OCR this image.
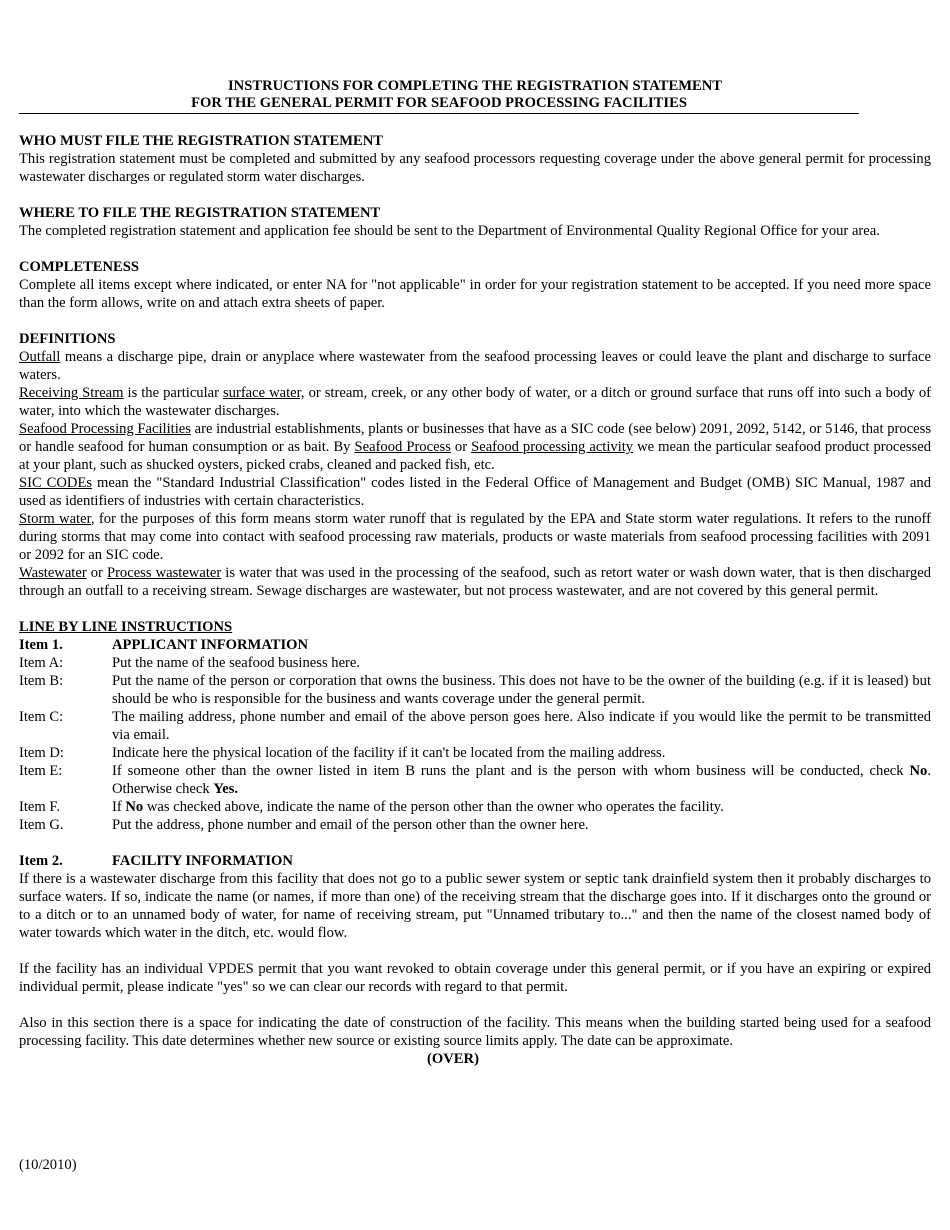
INSTRUCTIONS FOR COMPLETING THE REGISTRATION STATEMENT
FOR THE GENERAL PERMIT FOR SEAFOOD PROCESSING FACILITIES
WHO MUST FILE THE REGISTRATION STATEMENT

This registration statement must be completed and submitted by any seafood processors requesting coverage under the above general permit for processing wastewater discharges or regulated storm water discharges.

WHERE TO FILE THE REGISTRATION STATEMENT

The completed registration statement and application fee should be sent to the Department of Environmental Quality Regional Office for your area.

COMPLETENESS

Complete all items except where indicated, or enter NA for "not applicable" in order for your registration statement to be accepted. If you need more space than the form allows, write on and attach extra sheets of paper.

DEFINITIONS

Outfall means a discharge pipe, drain or anyplace where wastewater from the seafood processing leaves or could leave the plant and discharge to surface waters.

Receiving Stream is the particular surface water, or stream, creek, or any other body of water, or a ditch or ground surface that runs off into such a body of water, into which the wastewater discharges.

Seafood Processing Facilities are industrial establishments, plants or businesses that have as a SIC code (see below) 2091, 2092, 5142, or 5146, that process or handle seafood for human consumption or as bait. By Seafood Process or Seafood processing activity we mean the particular seafood product processed at your plant, such as shucked oysters, picked crabs, cleaned and packed fish, etc.

SIC CODEs mean the "Standard Industrial Classification" codes listed in the Federal Office of Management and Budget (OMB) SIC Manual, 1987 and used as identifiers of industries with certain characteristics.

Storm water, for the purposes of this form means storm water runoff that is regulated by the EPA and State storm water regulations. It refers to the runoff during storms that may come into contact with seafood processing raw materials, products or waste materials from seafood processing facilities with 2091 or 2092 for an SIC code.

Wastewater or Process wastewater is water that was used in the processing of the seafood, such as retort water or wash down water, that is then discharged through an outfall to a receiving stream. Sewage discharges are wastewater, but not process wastewater, and are not covered by this general permit.

LINE BY LINE INSTRUCTIONS
Item 1.	APPLICANT INFORMATION
Item A:	Put the name of the seafood business here.
Item B:	Put the name of the person or corporation that owns the business. This does not have to be the owner of the building (e.g. if it is leased) but should be who is responsible for the business and wants coverage under the general permit.
Item C:	The mailing address, phone number and email of the above person goes here. Also indicate if you would like the permit to be transmitted via email.
Item D:	Indicate here the physical location of the facility if it can't be located from the mailing address.
Item E:	If someone other than the owner listed in item B runs the plant and is the person with whom business will be conducted, check No. Otherwise check Yes.
Item F.	If No was checked above, indicate the name of the person other than the owner who operates the facility.
Item G.	Put the address, phone number and email of the person other than the owner here.
Item 2.	FACILITY INFORMATION

If there is a wastewater discharge from this facility that does not go to a public sewer system or septic tank drainfield system then it probably discharges to surface waters. If so, indicate the name (or names, if more than one) of the receiving stream that the discharge goes into. If it discharges onto the ground or to a ditch or to an unnamed body of water, for name of receiving stream, put "Unnamed tributary to..." and then the name of the closest named body of water towards which water in the ditch, etc. would flow.

If the facility has an individual VPDES permit that you want revoked to obtain coverage under this general permit, or if you have an expiring or expired individual permit, please indicate "yes" so we can clear our records with regard to that permit.

Also in this section there is a space for indicating the date of construction of the facility. This means when the building started being used for a seafood processing facility. This date determines whether new source or existing source limits apply. The date can be approximate.

(OVER)
(10/2010)
